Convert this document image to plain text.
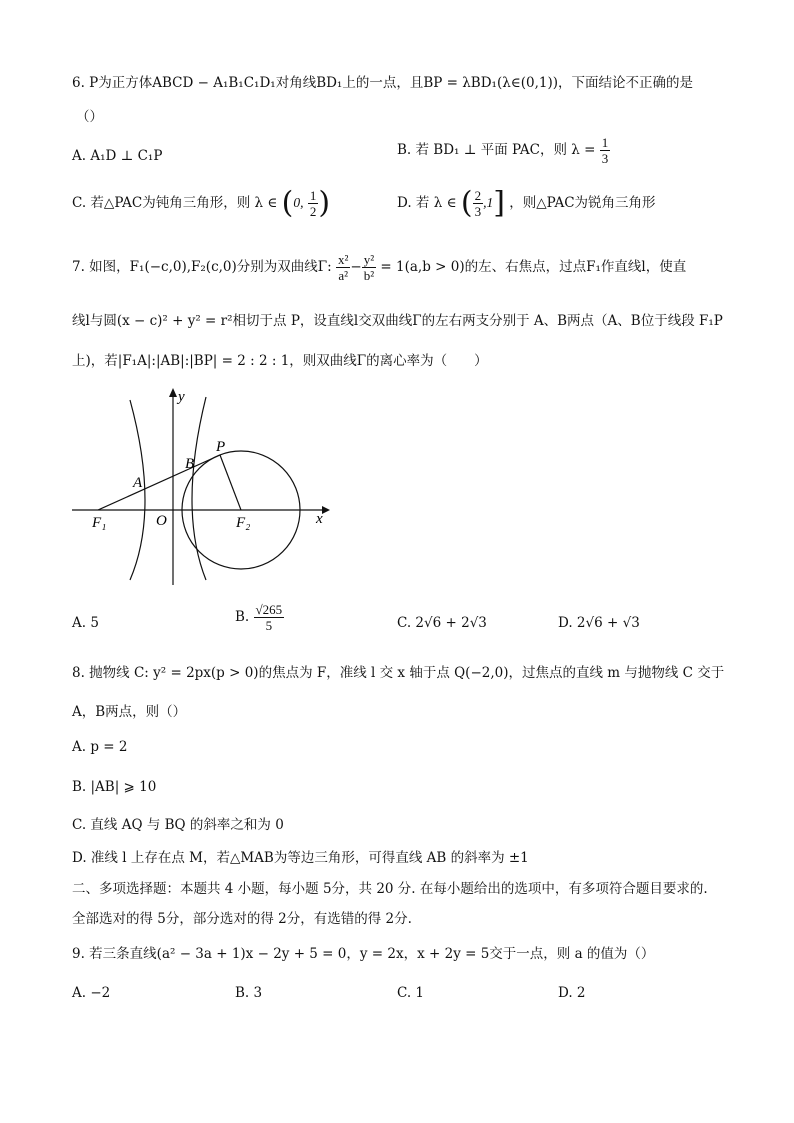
6. P为正方体ABCD − A₁B₁C₁D₁对角线BD₁上的一点，且BP = λBD₁(λ∈(0,1))，下面结论不正确的是
（）
A. A₁D ⊥ C₁P	B. 若 BD₁ ⊥ 平面 PAC，则 $\lambda = \frac{1}{3}$
C. 若△PAC为钝角三角形，则 λ ∈ (0, $\frac{1}{2}$ )	D. 若 λ ∈ ( $\frac{2}{3} ,1$] ，则△PAC为锐角三角形
7. 如图，F₁(−c,0),F₂(c,0)分别为双曲线Γ: $\frac{\text{x²}}{\text{a²}} - \frac{\text{y²}}{\text{b²}} = 1(a,b > 0)$的左、右焦点，过点F₁作直线l，使直
线l与圆(x − c)² + y² = r²相切于点 P，设直线l交双曲线Γ的左右两支分别于 A、B两点（A、B位于线段 F₁P
上)，若|F₁A|:|AB|:|BP| = 2 : 2 : 1，则双曲线Γ的离心率为（　　）
y
x
P
B
A
F₁	O	F₂
A. 5	B. $\frac{√265}{5}$	C. 2√6 + 2√3	D. 2√6 + √3
8. 抛物线 C: y² = 2px(p > 0)的焦点为 F，准线 l 交 x 轴于点 Q(−2,0)，过焦点的直线 m 与抛物线 C 交于
A，B两点，则（）
A. p = 2
B. |AB| ⩾ 10
C. 直线 AQ 与 BQ 的斜率之和为 0
D. 准线 l 上存在点 M，若△MAB为等边三角形，可得直线 AB 的斜率为 ±1
二、多项选择题：本题共 4 小题，每小题 5分，共 20 分. 在每小题给出的选项中，有多项符合题目要求的.
全部选对的得 5分，部分选对的得 2分，有选错的得 2分.
9. 若三条直线(a² − 3a + 1)x − 2y + 5 = 0，y = 2x，x + 2y = 5交于一点，则 a 的值为（）
A. −2	B. 3	C. 1	D. 2
